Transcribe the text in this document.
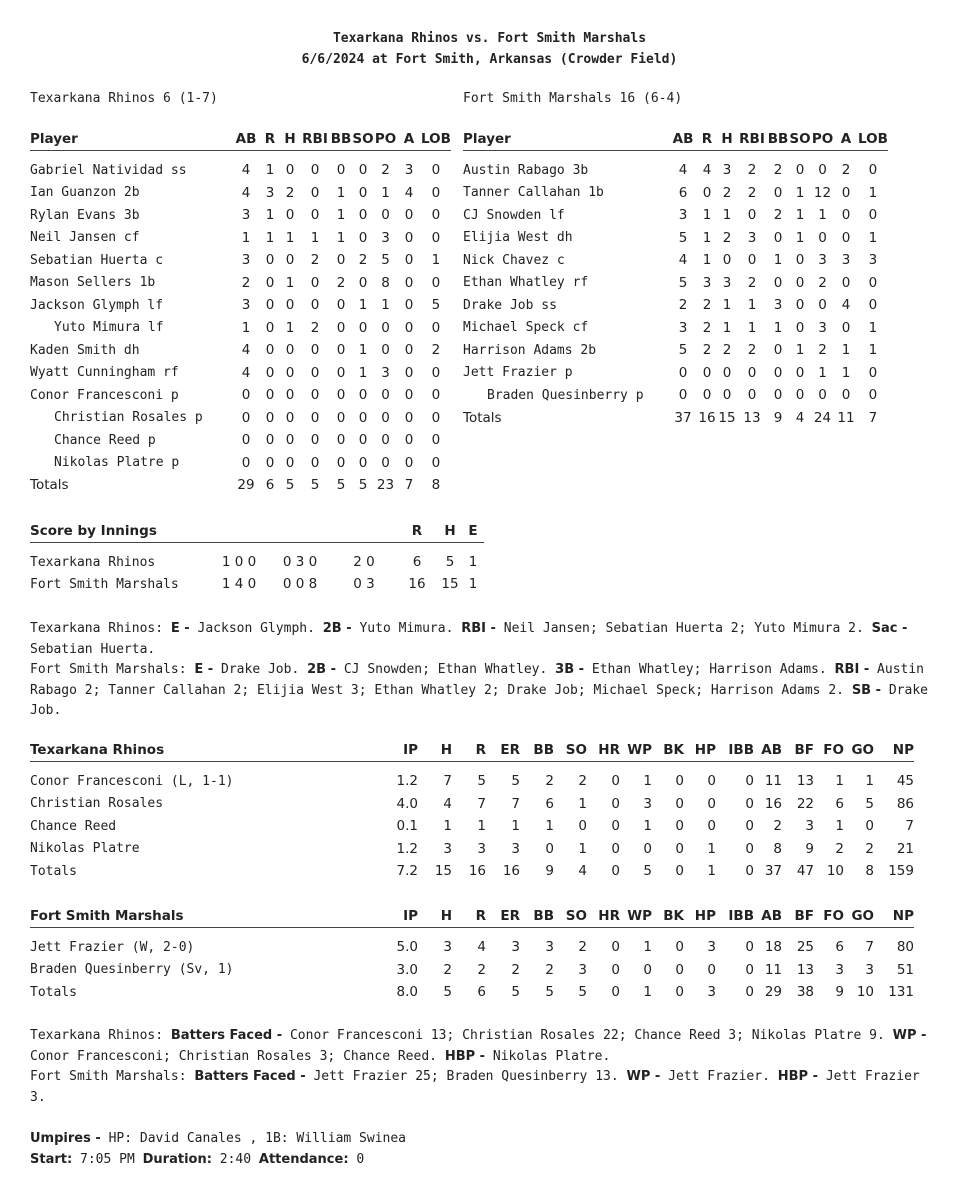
Texarkana Rhinos vs. Fort Smith Marshals
6/6/2024 at Fort Smith, Arkansas (Crowder Field)
Texarkana Rhinos 6 (1-7)	Fort Smith Marshals 16 (6-4)
Player	AB	R	H	RBI	BB	SO	PO	A	LOB
Gabriel Natividad ss	4	1	0	0	0	0	2	3	0
Ian Guanzon 2b	4	3	2	0	1	0	1	4	0
Rylan Evans 3b	3	1	0	0	1	0	0	0	0
Neil Jansen cf	1	1	1	1	1	0	3	0	0
Sebatian Huerta c	3	0	0	2	0	2	5	0	1
Mason Sellers 1b	2	0	1	0	2	0	8	0	0
Jackson Glymph lf	3	0	0	0	0	1	1	0	5
Yuto Mimura lf	1	0	1	2	0	0	0	0	0
Kaden Smith dh	4	0	0	0	0	1	0	0	2
Wyatt Cunningham rf	4	0	0	0	0	1	3	0	0
Conor Francesconi p	0	0	0	0	0	0	0	0	0
Christian Rosales p	0	0	0	0	0	0	0	0	0
Chance Reed p	0	0	0	0	0	0	0	0	0
Nikolas Platre p	0	0	0	0	0	0	0	0	0
Totals	29	6	5	5	5	5	23	7	8
Player	AB	R	H	RBI	BB	SO	PO	A	LOB
Austin Rabago 3b	4	4	3	2	2	0	0	2	0
Tanner Callahan 1b	6	0	2	2	0	1	12	0	1
CJ Snowden lf	3	1	1	0	2	1	1	0	0
Elijia West dh	5	1	2	3	0	1	0	0	1
Nick Chavez c	4	1	0	0	1	0	3	3	3
Ethan Whatley rf	5	3	3	2	0	0	2	0	0
Drake Job ss	2	2	1	1	3	0	0	4	0
Michael Speck cf	3	2	1	1	1	0	3	0	1
Harrison Adams 2b	5	2	2	2	0	1	2	1	1
Jett Frazier p	0	0	0	0	0	0	1	1	0
Braden Quesinberry p	0	0	0	0	0	0	0	0	0
Totals	37	16	15	13	9	4	24	11	7
Score by Innings				R	H	E
Texarkana Rhinos	1 0 0	0 3 0	2 0	6	5	1
Fort Smith Marshals	1 4 0	0 0 8	0 3	16	15	1
Texarkana Rhinos: E - Jackson Glymph. 2B - Yuto Mimura. RBI - Neil Jansen; Sebatian Huerta 2; Yuto Mimura 2. Sac - Sebatian Huerta.
Fort Smith Marshals: E - Drake Job. 2B - CJ Snowden; Ethan Whatley. 3B - Ethan Whatley; Harrison Adams. RBI - Austin Rabago 2; Tanner Callahan 2; Elijia West 3; Ethan Whatley 2; Drake Job; Michael Speck; Harrison Adams 2. SB - Drake Job.
Texarkana Rhinos	IP	H	R	ER	BB	SO	HR	WP	BK	HP	IBB	AB	BF	FO	GO	NP
Conor Francesconi (L, 1-1)	1.2	7	5	5	2	2	0	1	0	0	0	11	13	1	1	45
Christian Rosales	4.0	4	7	7	6	1	0	3	0	0	0	16	22	6	5	86
Chance Reed	0.1	1	1	1	1	0	0	1	0	0	0	2	3	1	0	7
Nikolas Platre	1.2	3	3	3	0	1	0	0	0	1	0	8	9	2	2	21
Totals	7.2	15	16	16	9	4	0	5	0	1	0	37	47	10	8	159
Fort Smith Marshals	IP	H	R	ER	BB	SO	HR	WP	BK	HP	IBB	AB	BF	FO	GO	NP
Jett Frazier (W, 2-0)	5.0	3	4	3	3	2	0	1	0	3	0	18	25	6	7	80
Braden Quesinberry (Sv, 1)	3.0	2	2	2	2	3	0	0	0	0	0	11	13	3	3	51
Totals	8.0	5	6	5	5	5	0	1	0	3	0	29	38	9	10	131
Texarkana Rhinos: Batters Faced - Conor Francesconi 13; Christian Rosales 22; Chance Reed 3; Nikolas Platre 9. WP - Conor Francesconi; Christian Rosales 3; Chance Reed. HBP - Nikolas Platre.
Fort Smith Marshals: Batters Faced - Jett Frazier 25; Braden Quesinberry 13. WP - Jett Frazier. HBP - Jett Frazier 3.
Umpires - HP: David Canales , 1B: William Swinea
Start: 7:05 PM Duration: 2:40 Attendance: 0
